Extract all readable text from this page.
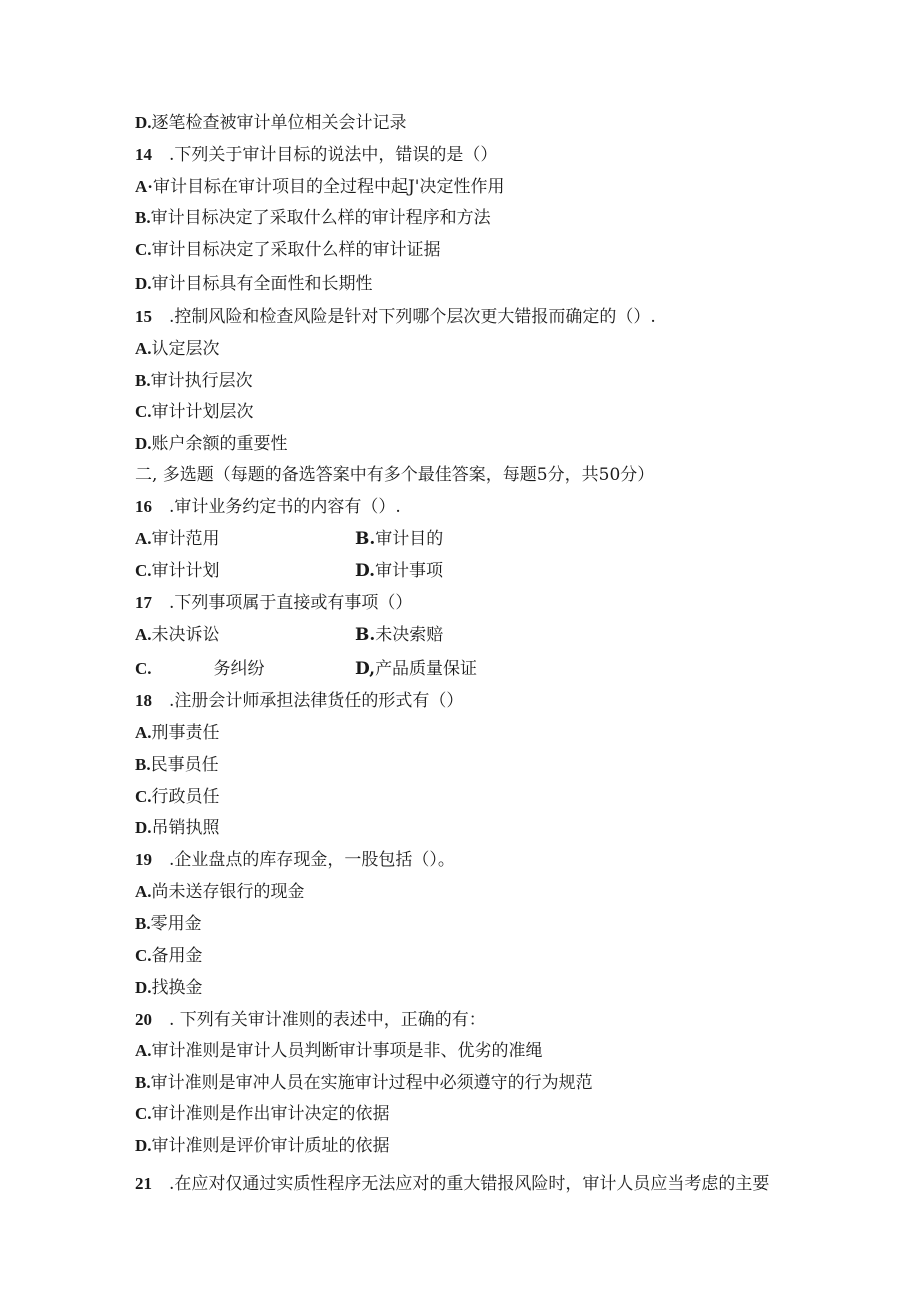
D.逐笔检查被审计单位相关会计记录
14 .下列关于审计目标的说法中，错误的是（）
A·审计目标在审计项目的全过程中起J'决定性作用
B.审计目标决定了采取什么样的审计程序和方法
C.审计目标决定了采取什么样的审计证据
D.审计目标具有全面性和长期性
15 .控制风险和检查风险是针对下列哪个层次更大错报而确定的（）.
A.认定层次
B.审计执行层次
C.审计计划层次
D.账户余额的重要性
二, 多选题（每题的备选答案中有多个最佳答案，每题5分，共50分）
16 .审计业务约定书的内容有（）.
A.审计范用	B.审计目的
C.审计计划	D.审计事项
17 .下列事项属于直接或有事项（）
A.未决诉讼	B.未决索赔
C.	务纠纷	D,产品质量保证
18 .注册会计师承担法律货任的形式有（）
A.刑事责任
B.民事员任
C.行政员任
D.吊销执照
19 .企业盘点的库存现金，一股包括（）。
A.尚未送存银行的现金
B.零用金
C.备用金
D.找换金
20 . 下列有关审计准则的表述中，正确的有：
A.审计准则是审计人员判断审计事项是非、优劣的准绳
B.审计准则是审冲人员在实施审计过程中必须遵守的行为规范
C.审计准则是作出审计决定的依据
D.审计准则是评价审计质址的依据
21 .在应对仅通过实质性程序无法应对的重大错报风险时，审计人员应当考虑的主要
